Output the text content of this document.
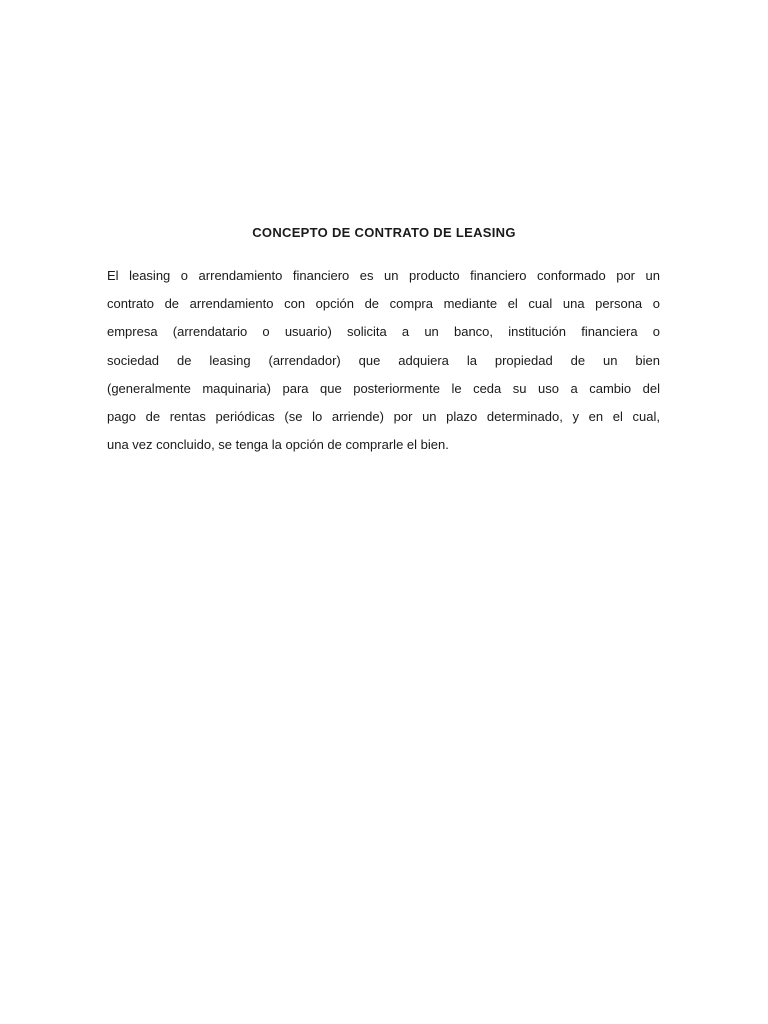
CONCEPTO DE CONTRATO DE LEASING
El leasing o arrendamiento financiero es un producto financiero conformado por un
contrato de arrendamiento con opción de compra mediante el cual una persona o
empresa (arrendatario o usuario) solicita a un banco, institución financiera o
sociedad de leasing (arrendador) que adquiera la propiedad de un bien
(generalmente maquinaria) para que posteriormente le ceda su uso a cambio del
pago de rentas periódicas (se lo arriende) por un plazo determinado, y en el cual,
una vez concluido, se tenga la opción de comprarle el bien.
